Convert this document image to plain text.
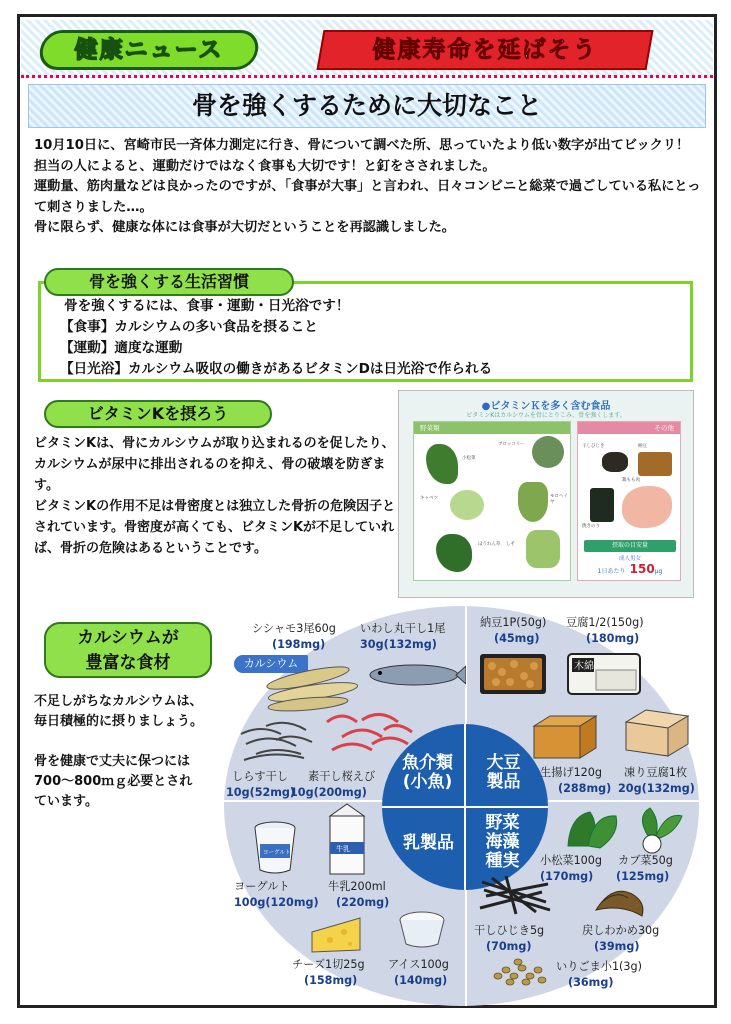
健康ニュース	健康寿命を延ばそう
骨を強くするために大切なこと

10月10日に、宮崎市民一斉体力測定に行き、骨について調べた所、思っていたより低い数字が出てビックリ！

担当の人によると、運動だけではなく食事も大切です！と釘をさされました。

運動量、筋肉量などは良かったのですが、「食事が大事」と言われ、日々コンビニと総菜で過ごしている私にとって刺さりました…。

骨に限らず、健康な体には食事が大切だということを再認識しました。

骨を強くする生活習慣
骨を強くするには、食事・運動・日光浴です！
【食事】カルシウムの多い食品を摂ること
【運動】適度な運動
【日光浴】カルシウム吸収の働きがあるビタミンDは日光浴で作られる
ビタミンKを摂ろう

ビタミンKは、骨にカルシウムが取り込まれるのを促したり、カルシウムが尿中に排出されるのを抑え、骨の破壊を防ぎます。

ビタミンKの作用不足は骨密度とは独立した骨折の危険因子とされています。骨密度が高くても、ビタミンKが不足していれば、骨折の危険はあるということです。

●ビタミンＫを多く含む食品
ビタミンKはカルシウムを骨にとりこみ、骨を強くします。
野菜類
小松菜
ブロッコリー
キャベツ	モロヘイヤ
ほうれん草 しそ
その他
干しひじき	納豆
焼きのり
鶏もも肉
摂取の目安量
成人男女
1日あたり 150μg
カルシウムが
豊富な食材
不足しがちなカルシウムは、
毎日積極的に摂りましょう。
骨を健康で丈夫に保つには
700～800ｍｇ必要とされ
ています。
カルシウム
魚介類
(小魚)
大豆
製品
乳製品
野菜
海藻
種実
シシャモ3尾60g
(198mg)
いわし丸干し1尾
30g(132mg)
しらす干し
10g(52mg)
素干し桜えび
10g(200mg)
納豆1P(50g)
(45mg)
豆腐1/2(150g)
(180mg)
木綿
生揚げ120g
(288mg)
凍り豆腐1枚
20g(132mg)
ヨーグルト	牛乳
ヨーグルト
100g(120mg)
牛乳200ml
(220mg)
チーズ1切25g
(158mg)
アイス100g
(140mg)
小松菜100g
(170mg)
カブ菜50g
(125mg)
干しひじき5g
(70mg)
戻しわかめ30g
(39mg)
いりごま小1(3g)
(36mg)
